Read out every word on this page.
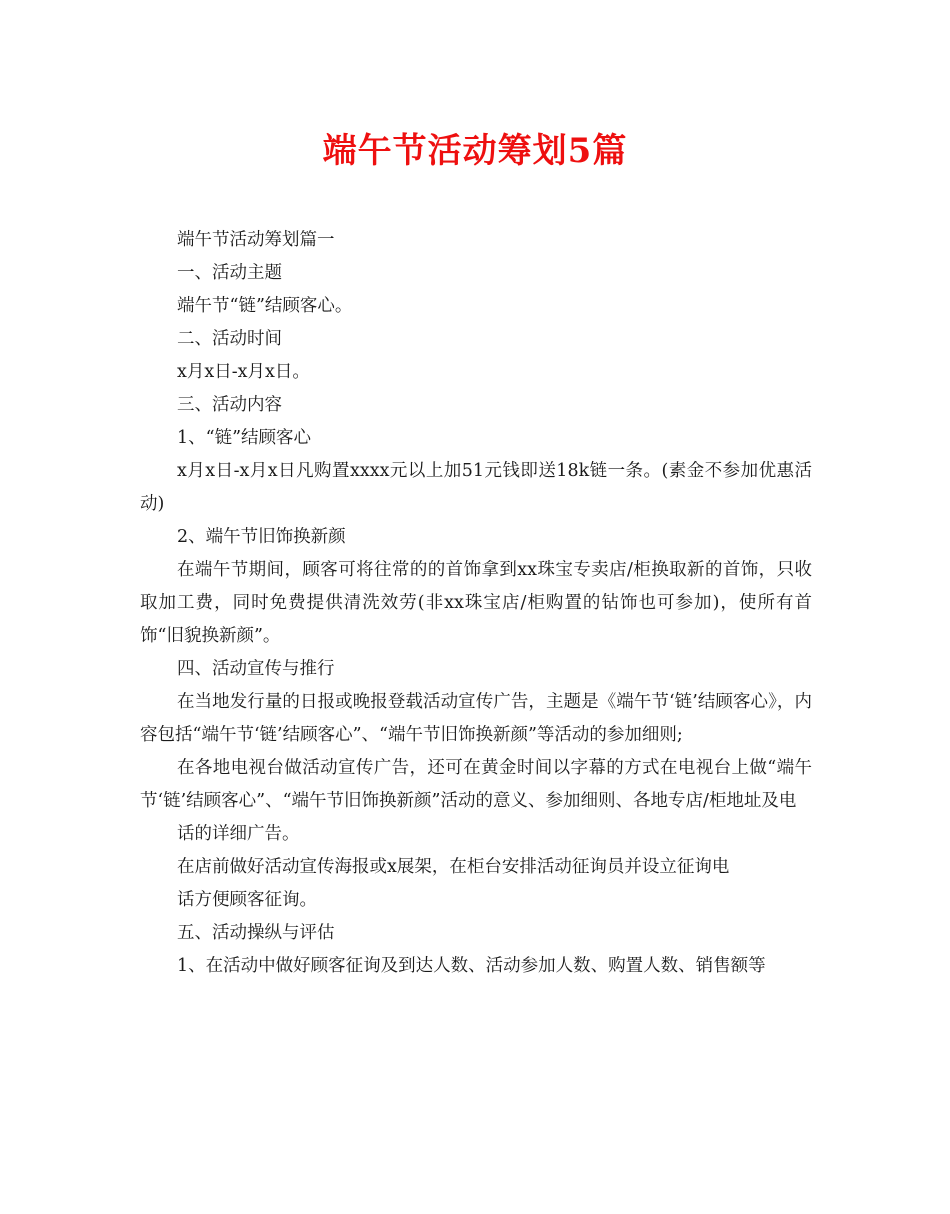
端午节活动筹划5篇

端午节活动筹划篇一

一、活动主题

端午节“链”结顾客心。

二、活动时间

x月x日-x月x日。

三、活动内容

1、“链”结顾客心

x月x日-x月x日凡购置xxxx元以上加51元钱即送18k链一条。(素金不参加优惠活动)

2、端午节旧饰换新颜

在端午节期间，顾客可将往常的的首饰拿到xx珠宝专卖店/柜换取新的首饰，只收取加工费，同时免费提供清洗效劳(非xx珠宝店/柜购置的钻饰也可参加)，使所有首饰“旧貌换新颜”。

四、活动宣传与推行

在当地发行量的日报或晚报登载活动宣传广告，主题是《端午节‘链’结顾客心》，内容包括“端午节‘链’结顾客心”、“端午节旧饰换新颜”等活动的参加细则;

在各地电视台做活动宣传广告，还可在黄金时间以字幕的方式在电视台上做“端午节‘链’结顾客心”、“端午节旧饰换新颜”活动的意义、参加细则、各地专店/柜地址及电

话的详细广告。

在店前做好活动宣传海报或x展架，在柜台安排活动征询员并设立征询电

话方便顾客征询。

五、活动操纵与评估

1、在活动中做好顾客征询及到达人数、活动参加人数、购置人数、销售额等
